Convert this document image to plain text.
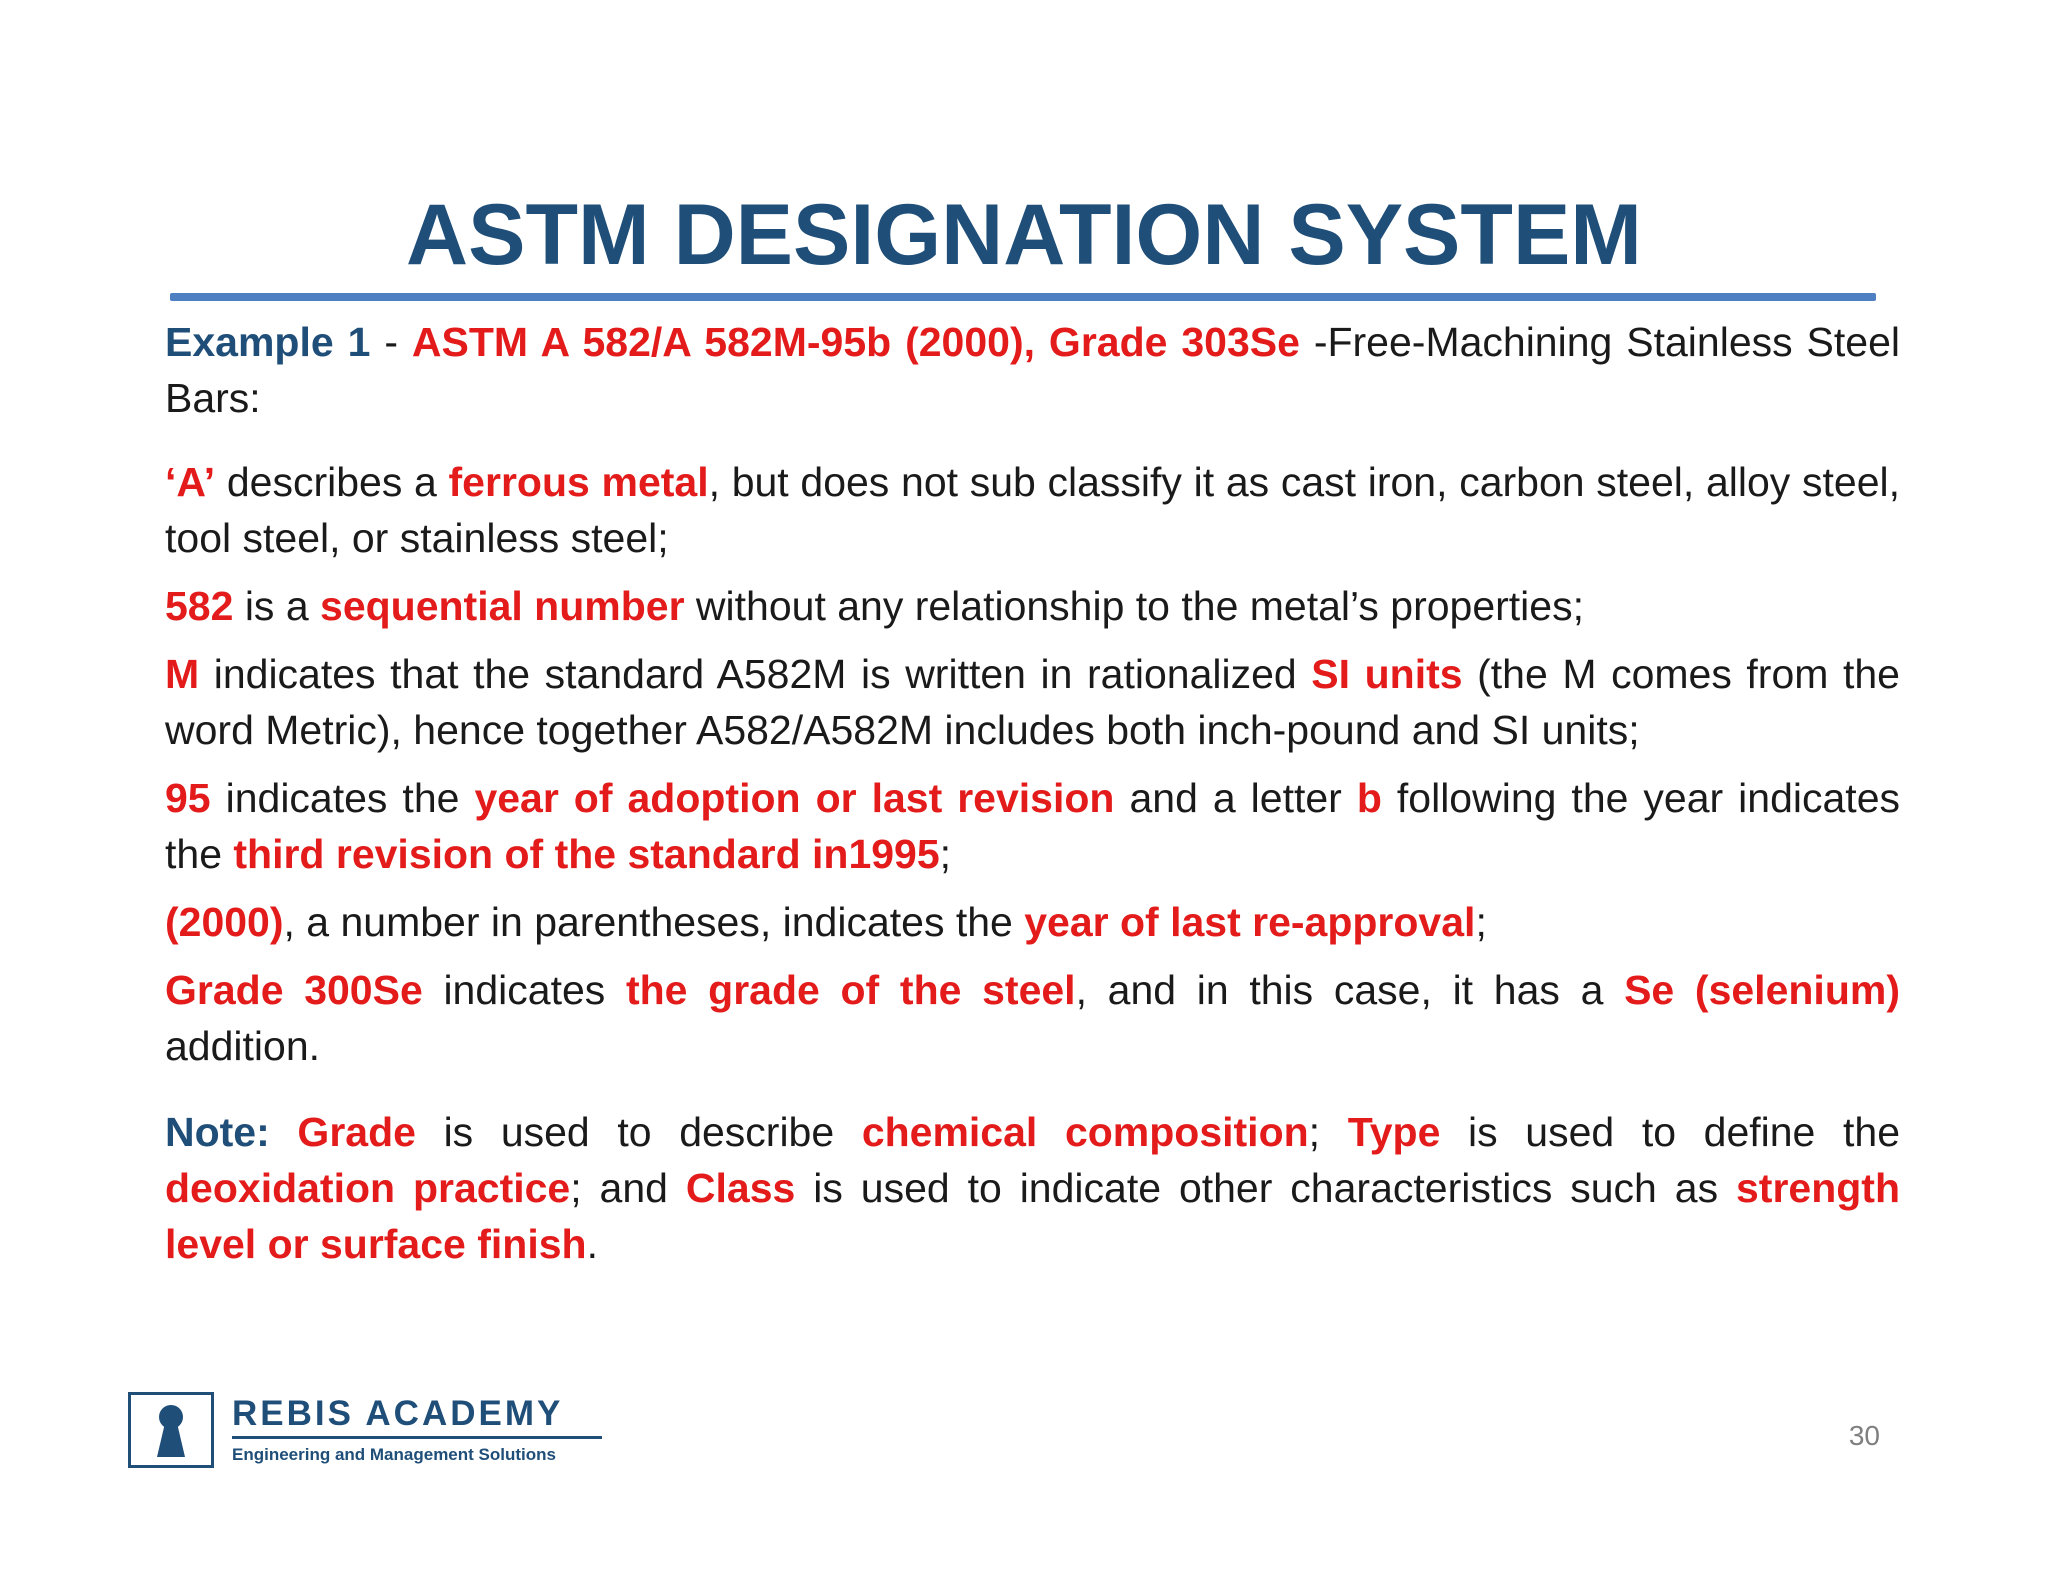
ASTM DESIGNATION SYSTEM

Example 1 - ASTM A 582/A 582M-95b (2000), Grade 303Se -Free-Machining Stainless Steel Bars:

‘A’ describes a ferrous metal, but does not sub classify it as cast iron, carbon steel, alloy steel, tool steel, or stainless steel;

582 is a sequential number without any relationship to the metal’s properties;

M indicates that the standard A582M is written in rationalized SI units (the M comes from the word Metric), hence together A582/A582M includes both inch-pound and SI units;

95 indicates the year of adoption or last revision and a letter b following the year indicates the third revision of the standard in1995;

(2000), a number in parentheses, indicates the year of last re-approval;

Grade 300Se indicates the grade of the steel, and in this case, it has a Se (selenium) addition.

Note: Grade is used to describe chemical composition; Type is used to define the deoxidation practice; and Class is used to indicate other characteristics such as strength level or surface finish.

REBIS ACADEMY
Engineering and Management Solutions
30
